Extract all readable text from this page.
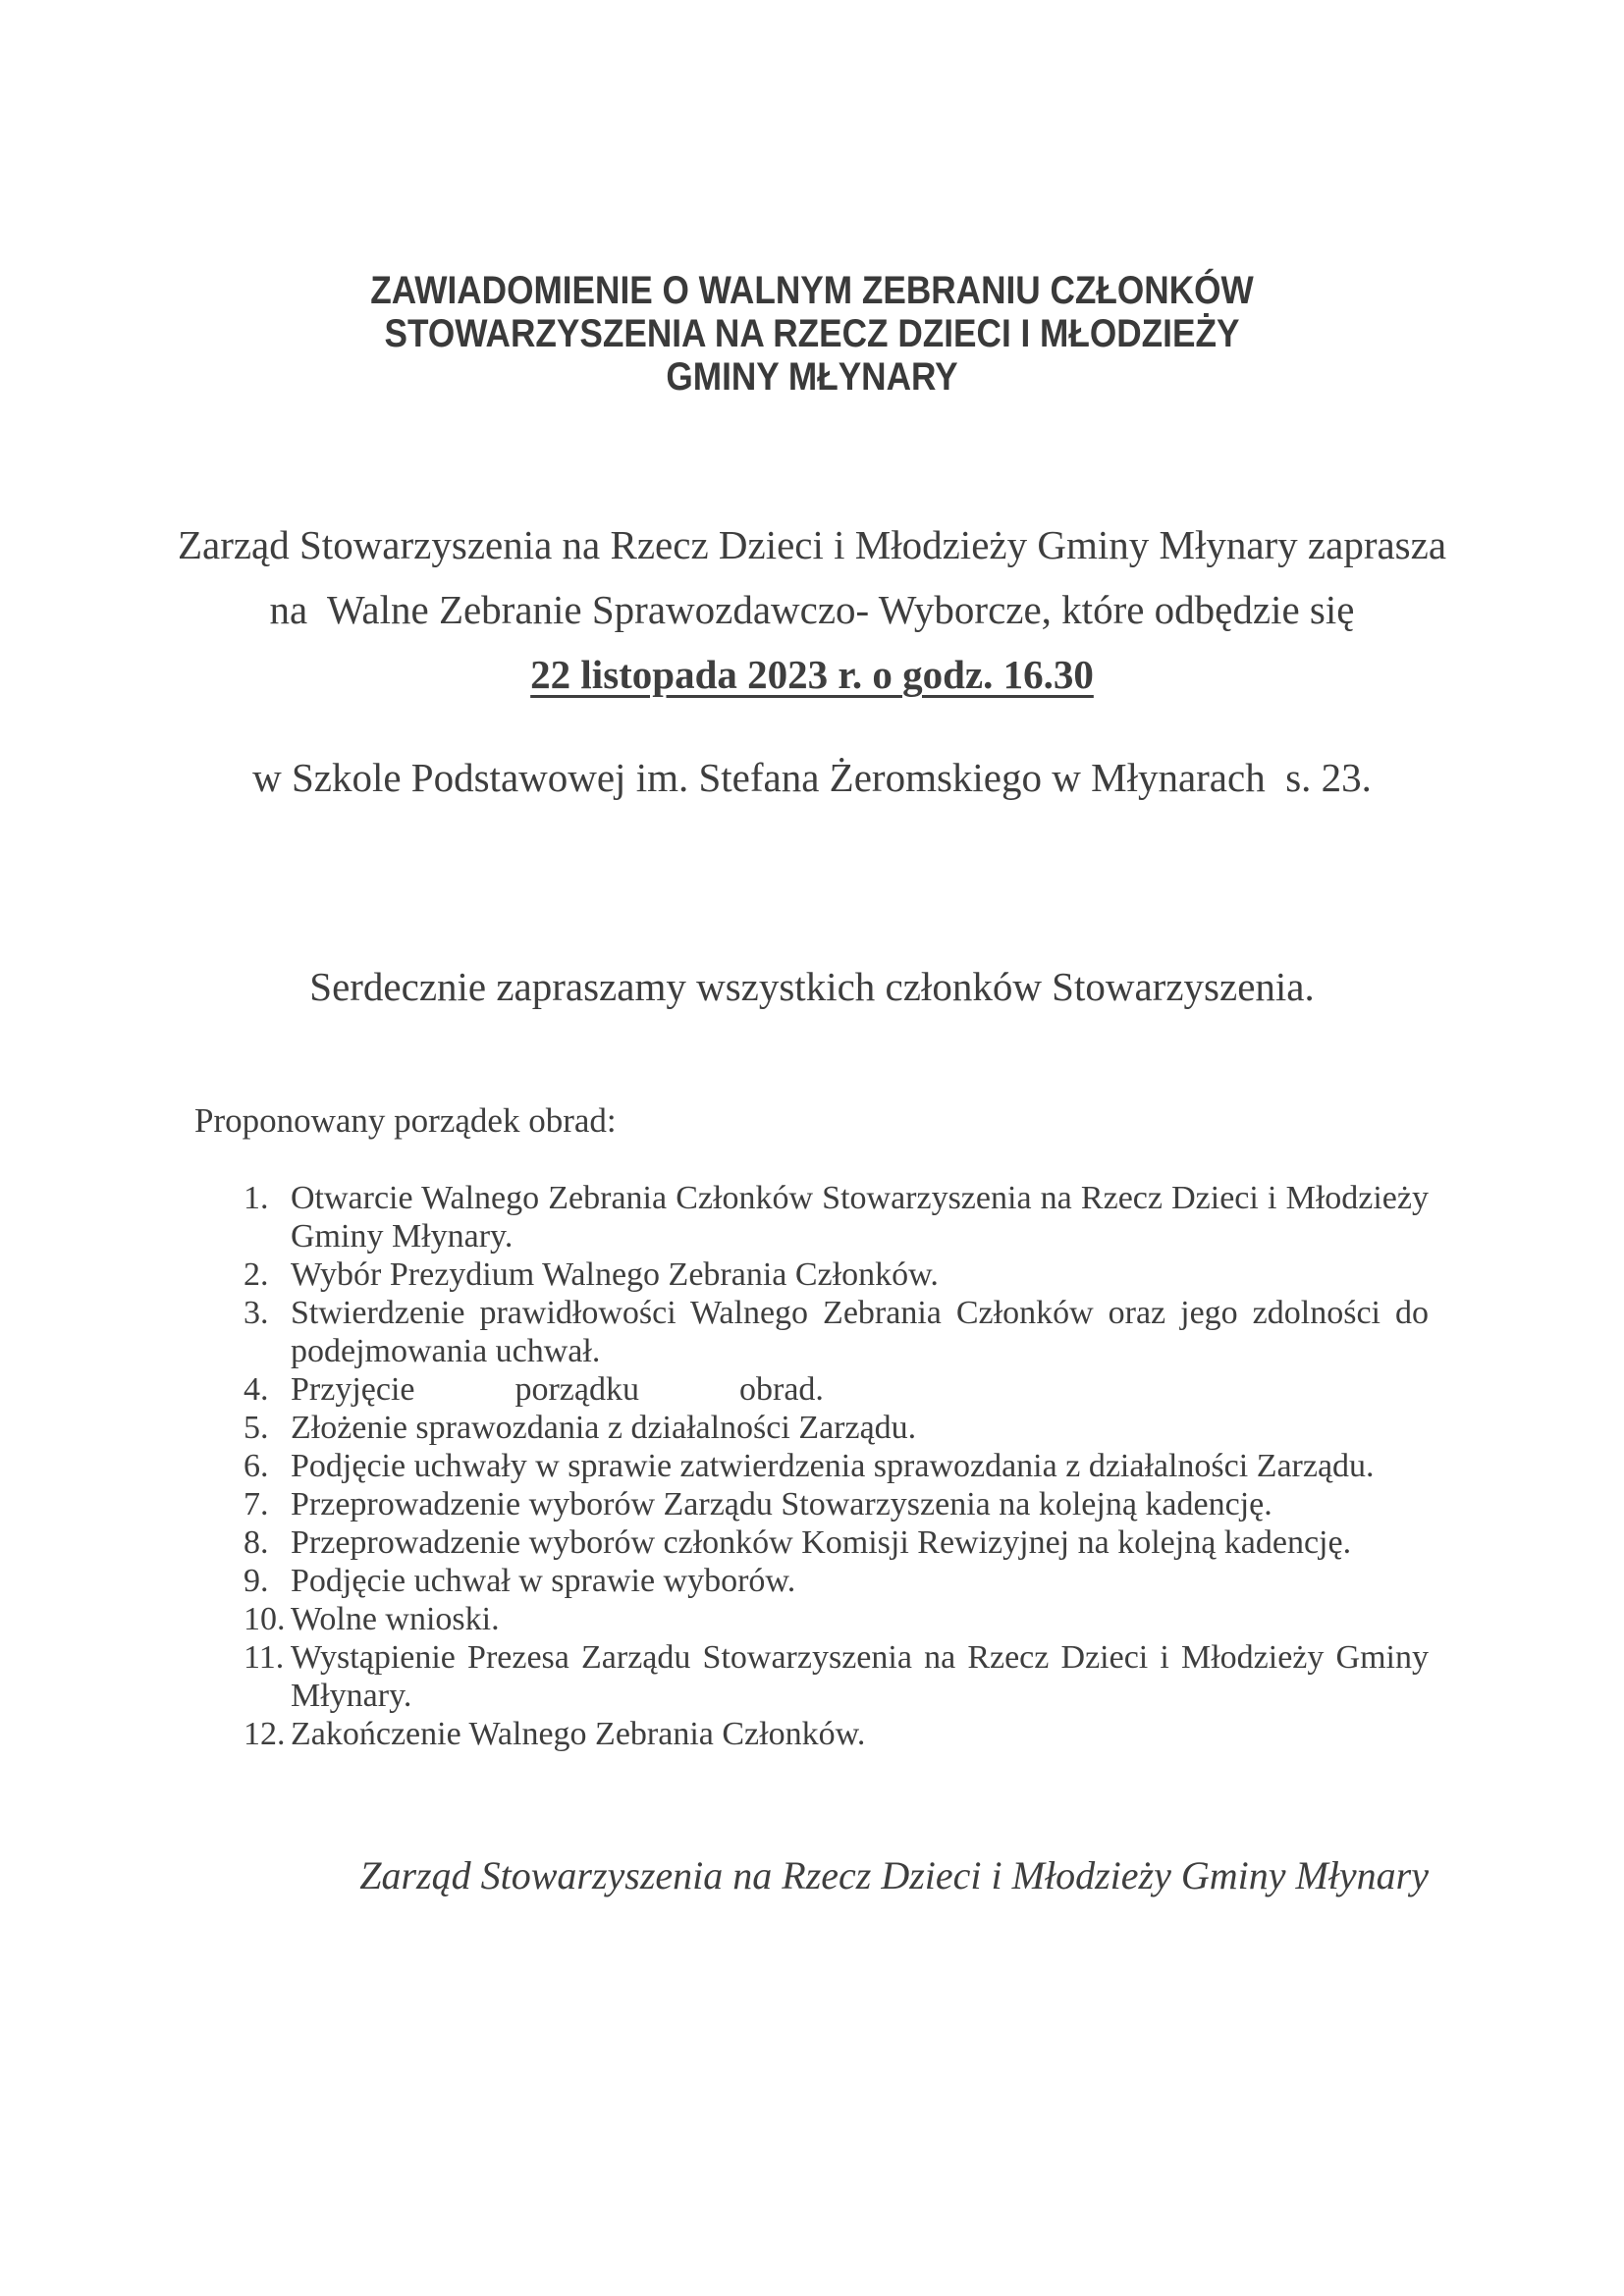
ZAWIADOMIENIE O WALNYM ZEBRANIU CZŁONKÓW
STOWARZYSZENIA NA RZECZ DZIECI I MŁODZIEŻY
GMINY MŁYNARY

Zarząd Stowarzyszenia na Rzecz Dzieci i Młodzieży Gminy Młynary zaprasza

na  Walne Zebranie Sprawozdawczo- Wyborcze, które odbędzie się

22 listopada 2023 r. o godz. 16.30

w Szkole Podstawowej im. Stefana Żeromskiego w Młynarach  s. 23.

Serdecznie zapraszamy wszystkich członków Stowarzyszenia.

Proponowany porządek obrad:

1. Otwarcie Walnego Zebrania Członków Stowarzyszenia na Rzecz Dzieci i Młodzieży Gminy Młynary.
2. Wybór Prezydium Walnego Zebrania Członków.
3. Stwierdzenie prawidłowości Walnego Zebrania Członków oraz jego zdolności do podejmowania uchwał.
4. Przyjęcie            porządku            obrad.
5. Złożenie sprawozdania z działalności Zarządu.
6. Podjęcie uchwały w sprawie zatwierdzenia sprawozdania z działalności Zarządu.
7. Przeprowadzenie wyborów Zarządu Stowarzyszenia na kolejną kadencję.
8. Przeprowadzenie wyborów członków Komisji Rewizyjnej na kolejną kadencję.
9. Podjęcie uchwał w sprawie wyborów.
10. Wolne wnioski.
11. Wystąpienie Prezesa Zarządu Stowarzyszenia na Rzecz Dzieci i Młodzieży Gminy Młynary.
12. Zakończenie Walnego Zebrania Członków.

Zarząd Stowarzyszenia na Rzecz Dzieci i Młodzieży Gminy Młynary
